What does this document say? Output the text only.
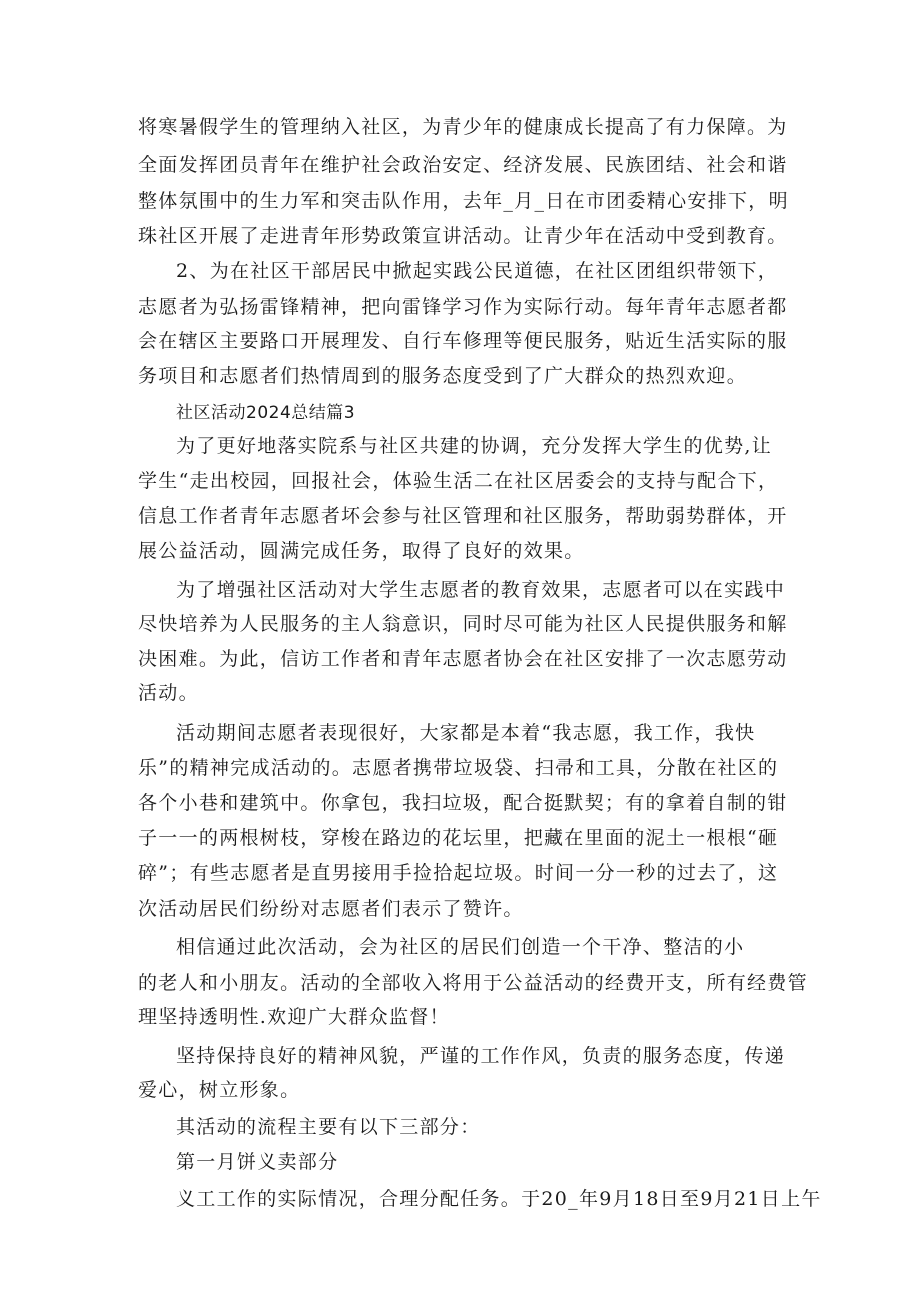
将寒暑假学生的管理纳入社区，为青少年的健康成长提高了有力保障。为
全面发挥团员青年在维护社会政治安定、经济发展、民族团结、社会和谐
整体氛围中的生力军和突击队作用，去年_月_日在市团委精心安排下，明
珠社区开展了走进青年形势政策宣讲活动。让青少年在活动中受到教育。
2、为在社区干部居民中掀起实践公民道德，在社区团组织带领下，
志愿者为弘扬雷锋精神，把向雷锋学习作为实际行动。每年青年志愿者都
会在辖区主要路口开展理发、自行车修理等便民服务，贴近生活实际的服
务项目和志愿者们热情周到的服务态度受到了广大群众的热烈欢迎。
社区活动2024总结篇3
为了更好地落实院系与社区共建的协调，充分发挥大学生的优势,让
学生“走出校园，回报社会，体验生活二在社区居委会的支持与配合下，
信息工作者青年志愿者坏会参与社区管理和社区服务，帮助弱势群体，开
展公益活动，圆满完成任务，取得了良好的效果。
为了增强社区活动对大学生志愿者的教育效果，志愿者可以在实践中
尽快培养为人民服务的主人翁意识，同时尽可能为社区人民提供服务和解
决困难。为此，信访工作者和青年志愿者协会在社区安排了一次志愿劳动
活动。
活动期间志愿者表现很好，大家都是本着“我志愿，我工作，我快
乐”的精神完成活动的。志愿者携带垃圾袋、扫帚和工具，分散在社区的
各个小巷和建筑中。你拿包，我扫垃圾，配合挺默契；有的拿着自制的钳
子一一的两根树枝，穿梭在路边的花坛里，把藏在里面的泥土一根根“砸
碎”；有些志愿者是直男接用手捡拾起垃圾。时间一分一秒的过去了，这
次活动居民们纷纷对志愿者们表示了赞许。
相信通过此次活动，会为社区的居民们创造一个干净、整洁的小
的老人和小朋友。活动的全部收入将用于公益活动的经费开支，所有经费管
理坚持透明性.欢迎广大群众监督！
坚持保持良好的精神风貌，严谨的工作作风，负责的服务态度，传递
爱心，树立形象。
其活动的流程主要有以下三部分：
第一月饼义卖部分
义工工作的实际情况，合理分配任务。于20_年9月18日至9月21日上午
